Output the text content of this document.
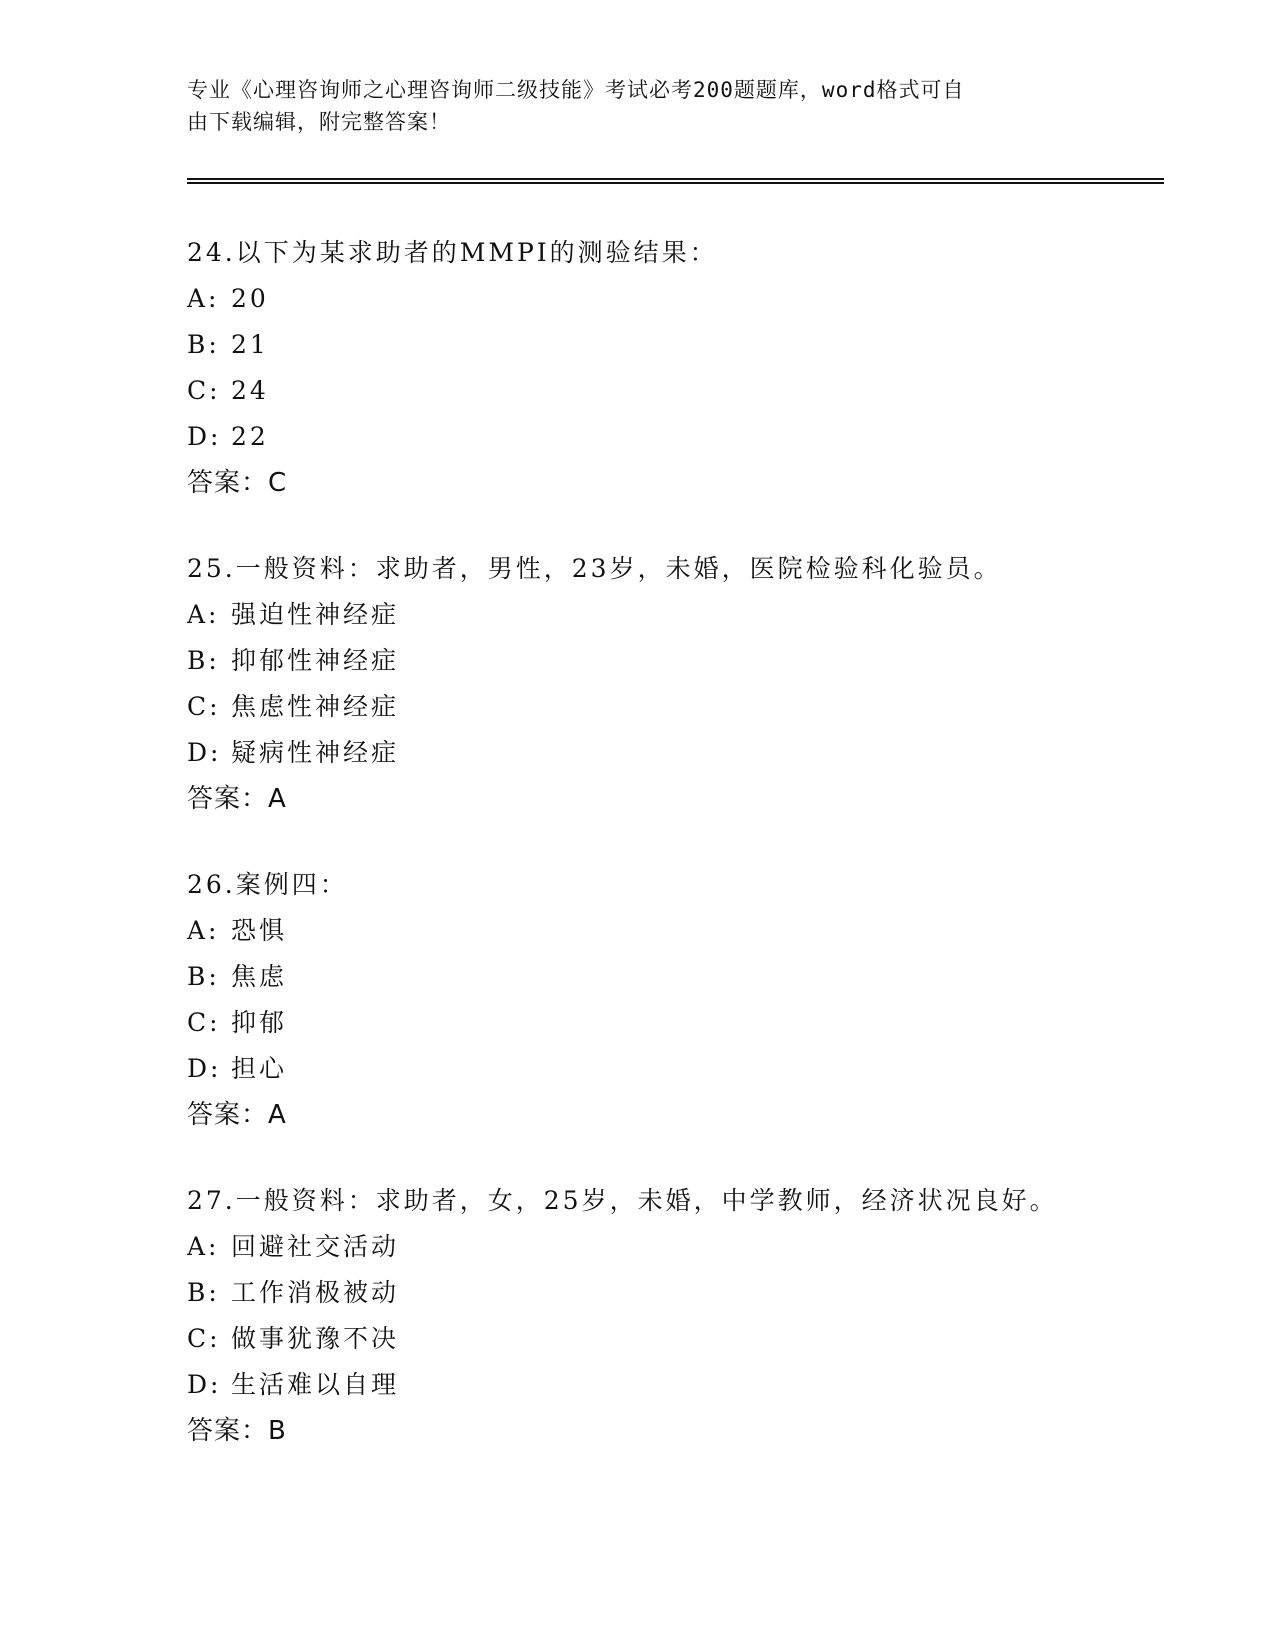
专业《心理咨询师之心理咨询师二级技能》考试必考200题题库，word格式可自
由下载编辑，附完整答案！
24.以下为某求助者的MMPI的测验结果：
A: 20
B: 21
C: 24
D: 22
答案：C
25.一般资料：求助者，男性，23岁，未婚，医院检验科化验员。
A: 强迫性神经症
B: 抑郁性神经症
C: 焦虑性神经症
D: 疑病性神经症
答案：A
26.案例四：
A: 恐惧
B: 焦虑
C: 抑郁
D: 担心
答案：A
27.一般资料：求助者，女，25岁，未婚，中学教师，经济状况良好。
A: 回避社交活动
B: 工作消极被动
C: 做事犹豫不决
D: 生活难以自理
答案：B
